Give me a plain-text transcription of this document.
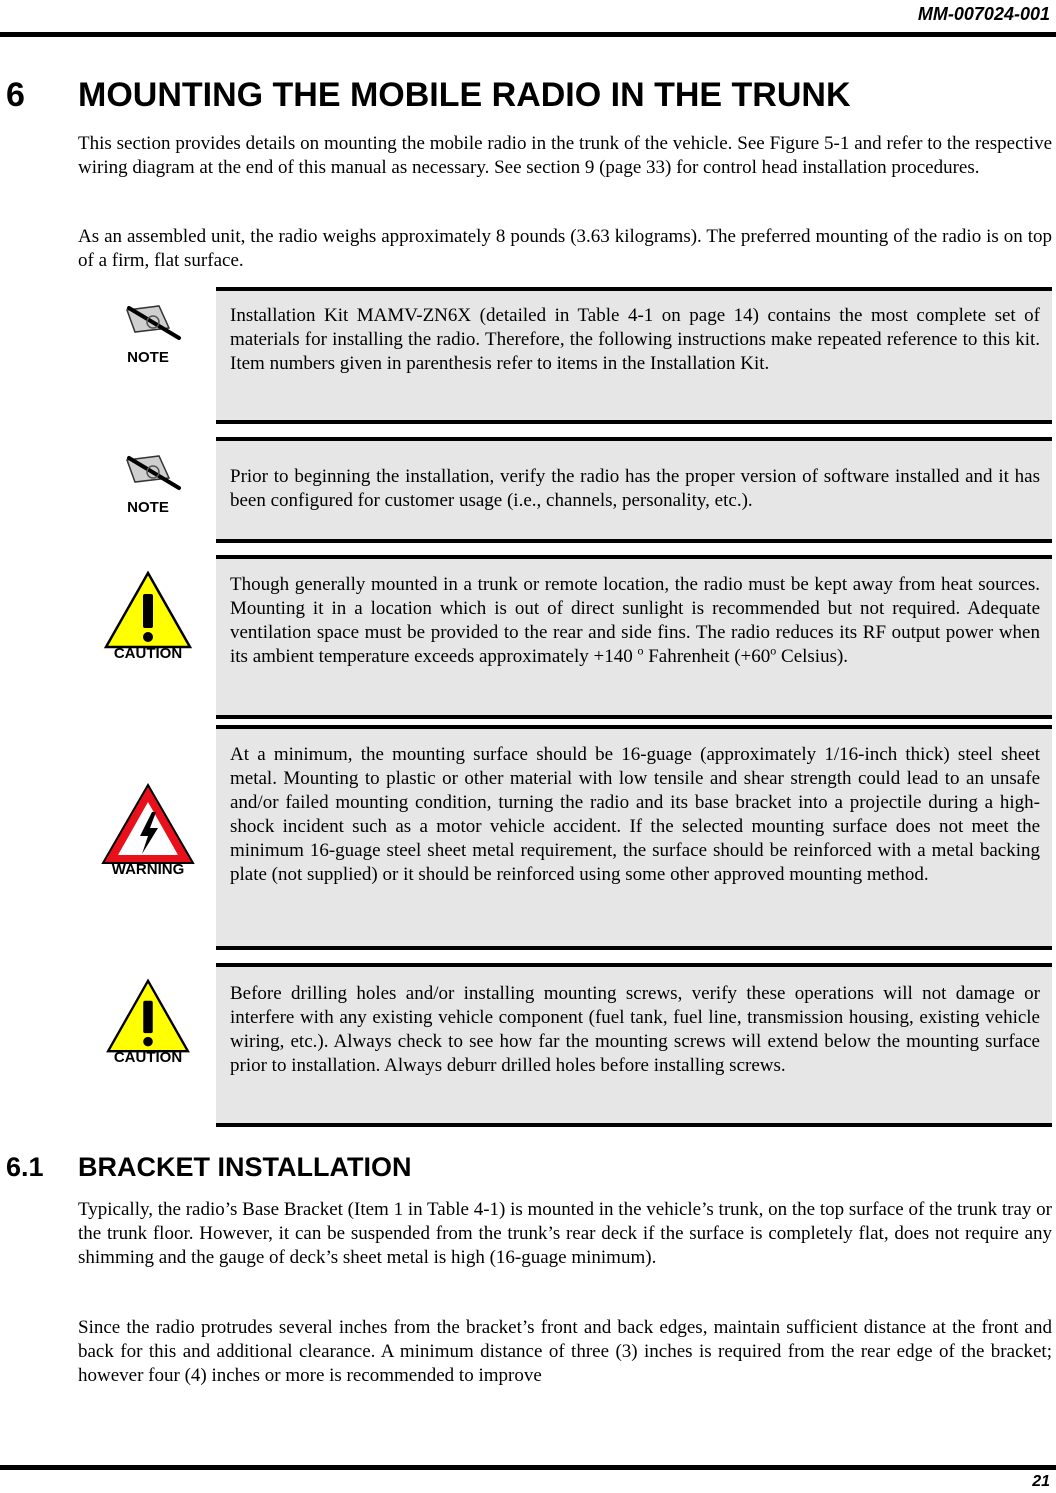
MM-007024-001
6 MOUNTING THE MOBILE RADIO IN THE TRUNK

This section provides details on mounting the mobile radio in the trunk of the vehicle. See Figure 5-1 and refer to the respective wiring diagram at the end of this manual as necessary. See section 9 (page 33) for control head installation procedures.

As an assembled unit, the radio weighs approximately 8 pounds (3.63 kilograms). The preferred mounting of the radio is on top of a firm, flat surface.

NOTE

Installation Kit MAMV-ZN6X (detailed in Table 4-1 on page 14) contains the most complete set of materials for installing the radio. Therefore, the following instructions make repeated reference to this kit. Item numbers given in parenthesis refer to items in the Installation Kit.

NOTE

Prior to beginning the installation, verify the radio has the proper version of software installed and it has been configured for customer usage (i.e., channels, personality, etc.).

CAUTION

Though generally mounted in a trunk or remote location, the radio must be kept away from heat sources. Mounting it in a location which is out of direct sunlight is recommended but not required. Adequate ventilation space must be provided to the rear and side fins. The radio reduces its RF output power when its ambient temperature exceeds approximately +140 $^o$ Fahrenheit ($+60^o$ Celsius).

WARNING

At a minimum, the mounting surface should be 16-guage (approximately 1/16-inch thick) steel sheet metal. Mounting to plastic or other material with low tensile and shear strength could lead to an unsafe and/or failed mounting condition, turning the radio and its base bracket into a projectile during a high-shock incident such as a motor vehicle accident. If the selected mounting surface does not meet the minimum 16-guage steel sheet metal requirement, the surface should be reinforced with a metal backing plate (not supplied) or it should be reinforced using some other approved mounting method.

CAUTION

Before drilling holes and/or installing mounting screws, verify these operations will not damage or interfere with any existing vehicle component (fuel tank, fuel line, transmission housing, existing vehicle wiring, etc.). Always check to see how far the mounting screws will extend below the mounting surface prior to installation. Always deburr drilled holes before installing screws.

6.1 BRACKET INSTALLATION

Typically, the radio’s Base Bracket (Item 1 in Table 4-1) is mounted in the vehicle’s trunk, on the top surface of the trunk tray or the trunk floor. However, it can be suspended from the trunk’s rear deck if the surface is completely flat, does not require any shimming and the gauge of deck’s sheet metal is high (16-guage minimum).

Since the radio protrudes several inches from the bracket’s front and back edges, maintain sufficient distance at the front and back for this and additional clearance. A minimum distance of three (3) inches is required from the rear edge of the bracket; however four (4) inches or more is recommended to improve

21
